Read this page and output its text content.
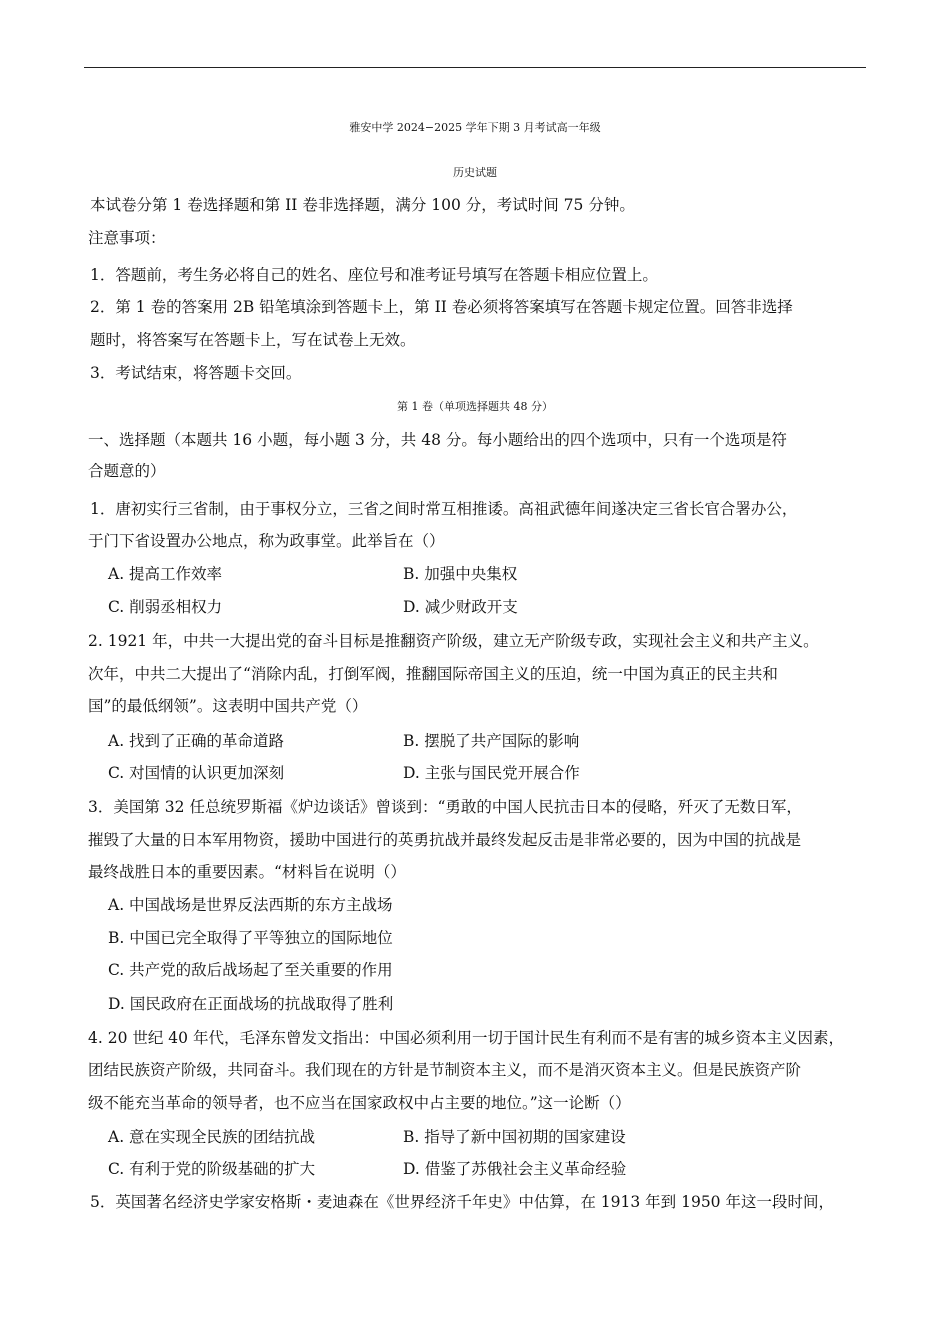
雅安中学 2024−2025 学年下期 3 月考试高一年级
历史试题
本试卷分第 1 卷选择题和第 II 卷非选择题，满分 100 分，考试时间 75 分钟。
注意事项：
1．答题前，考生务必将自己的姓名、座位号和准考证号填写在答题卡相应位置上。
2．第 1 卷的答案用 2B 铅笔填涂到答题卡上，第 II 卷必须将答案填写在答题卡规定位置。回答非选择
题时，将答案写在答题卡上，写在试卷上无效。
3．考试结束，将答题卡交回。
第 1 卷（单项选择题共 48 分）
一、选择题（本题共 16 小题，每小题 3 分，共 48 分。每小题给出的四个选项中，只有一个选项是符
合题意的）
1．唐初实行三省制，由于事权分立，三省之间时常互相推诿。高祖武德年间遂决定三省长官合署办公，
于门下省设置办公地点，称为政事堂。此举旨在（）
A. 提高工作效率	B. 加强中央集权
C. 削弱丞相权力	D. 减少财政开支
2. 1921 年，中共一大提出党的奋斗目标是推翻资产阶级，建立无产阶级专政，实现社会主义和共产主义。
次年，中共二大提出了“消除内乱，打倒军阀，推翻国际帝国主义的压迫，统一中国为真正的民主共和
国”的最低纲领”。这表明中国共产党（）
A. 找到了正确的革命道路	B. 摆脱了共产国际的影响
C. 对国情的认识更加深刻	D. 主张与国民党开展合作
3．美国第 32 任总统罗斯福《炉边谈话》曾谈到：“勇敢的中国人民抗击日本的侵略，歼灭了无数日军，
摧毁了大量的日本军用物资，援助中国进行的英勇抗战并最终发起反击是非常必要的，因为中国的抗战是
最终战胜日本的重要因素。“材料旨在说明（）
A. 中国战场是世界反法西斯的东方主战场
B. 中国已完全取得了平等独立的国际地位
C. 共产党的敌后战场起了至关重要的作用
D. 国民政府在正面战场的抗战取得了胜利
4. 20 世纪 40 年代，毛泽东曾发文指出：中国必须利用一切于国计民生有利而不是有害的城乡资本主义因素，
团结民族资产阶级，共同奋斗。我们现在的方针是节制资本主义，而不是消灭资本主义。但是民族资产阶
级不能充当革命的领导者，也不应当在国家政权中占主要的地位。”这一论断（）
A. 意在实现全民族的团结抗战	B. 指导了新中国初期的国家建设
C. 有利于党的阶级基础的扩大	D. 借鉴了苏俄社会主义革命经验
5．英国著名经济史学家安格斯・麦迪森在《世界经济千年史》中估算，在 1913 年到 1950 年这一段时间，
